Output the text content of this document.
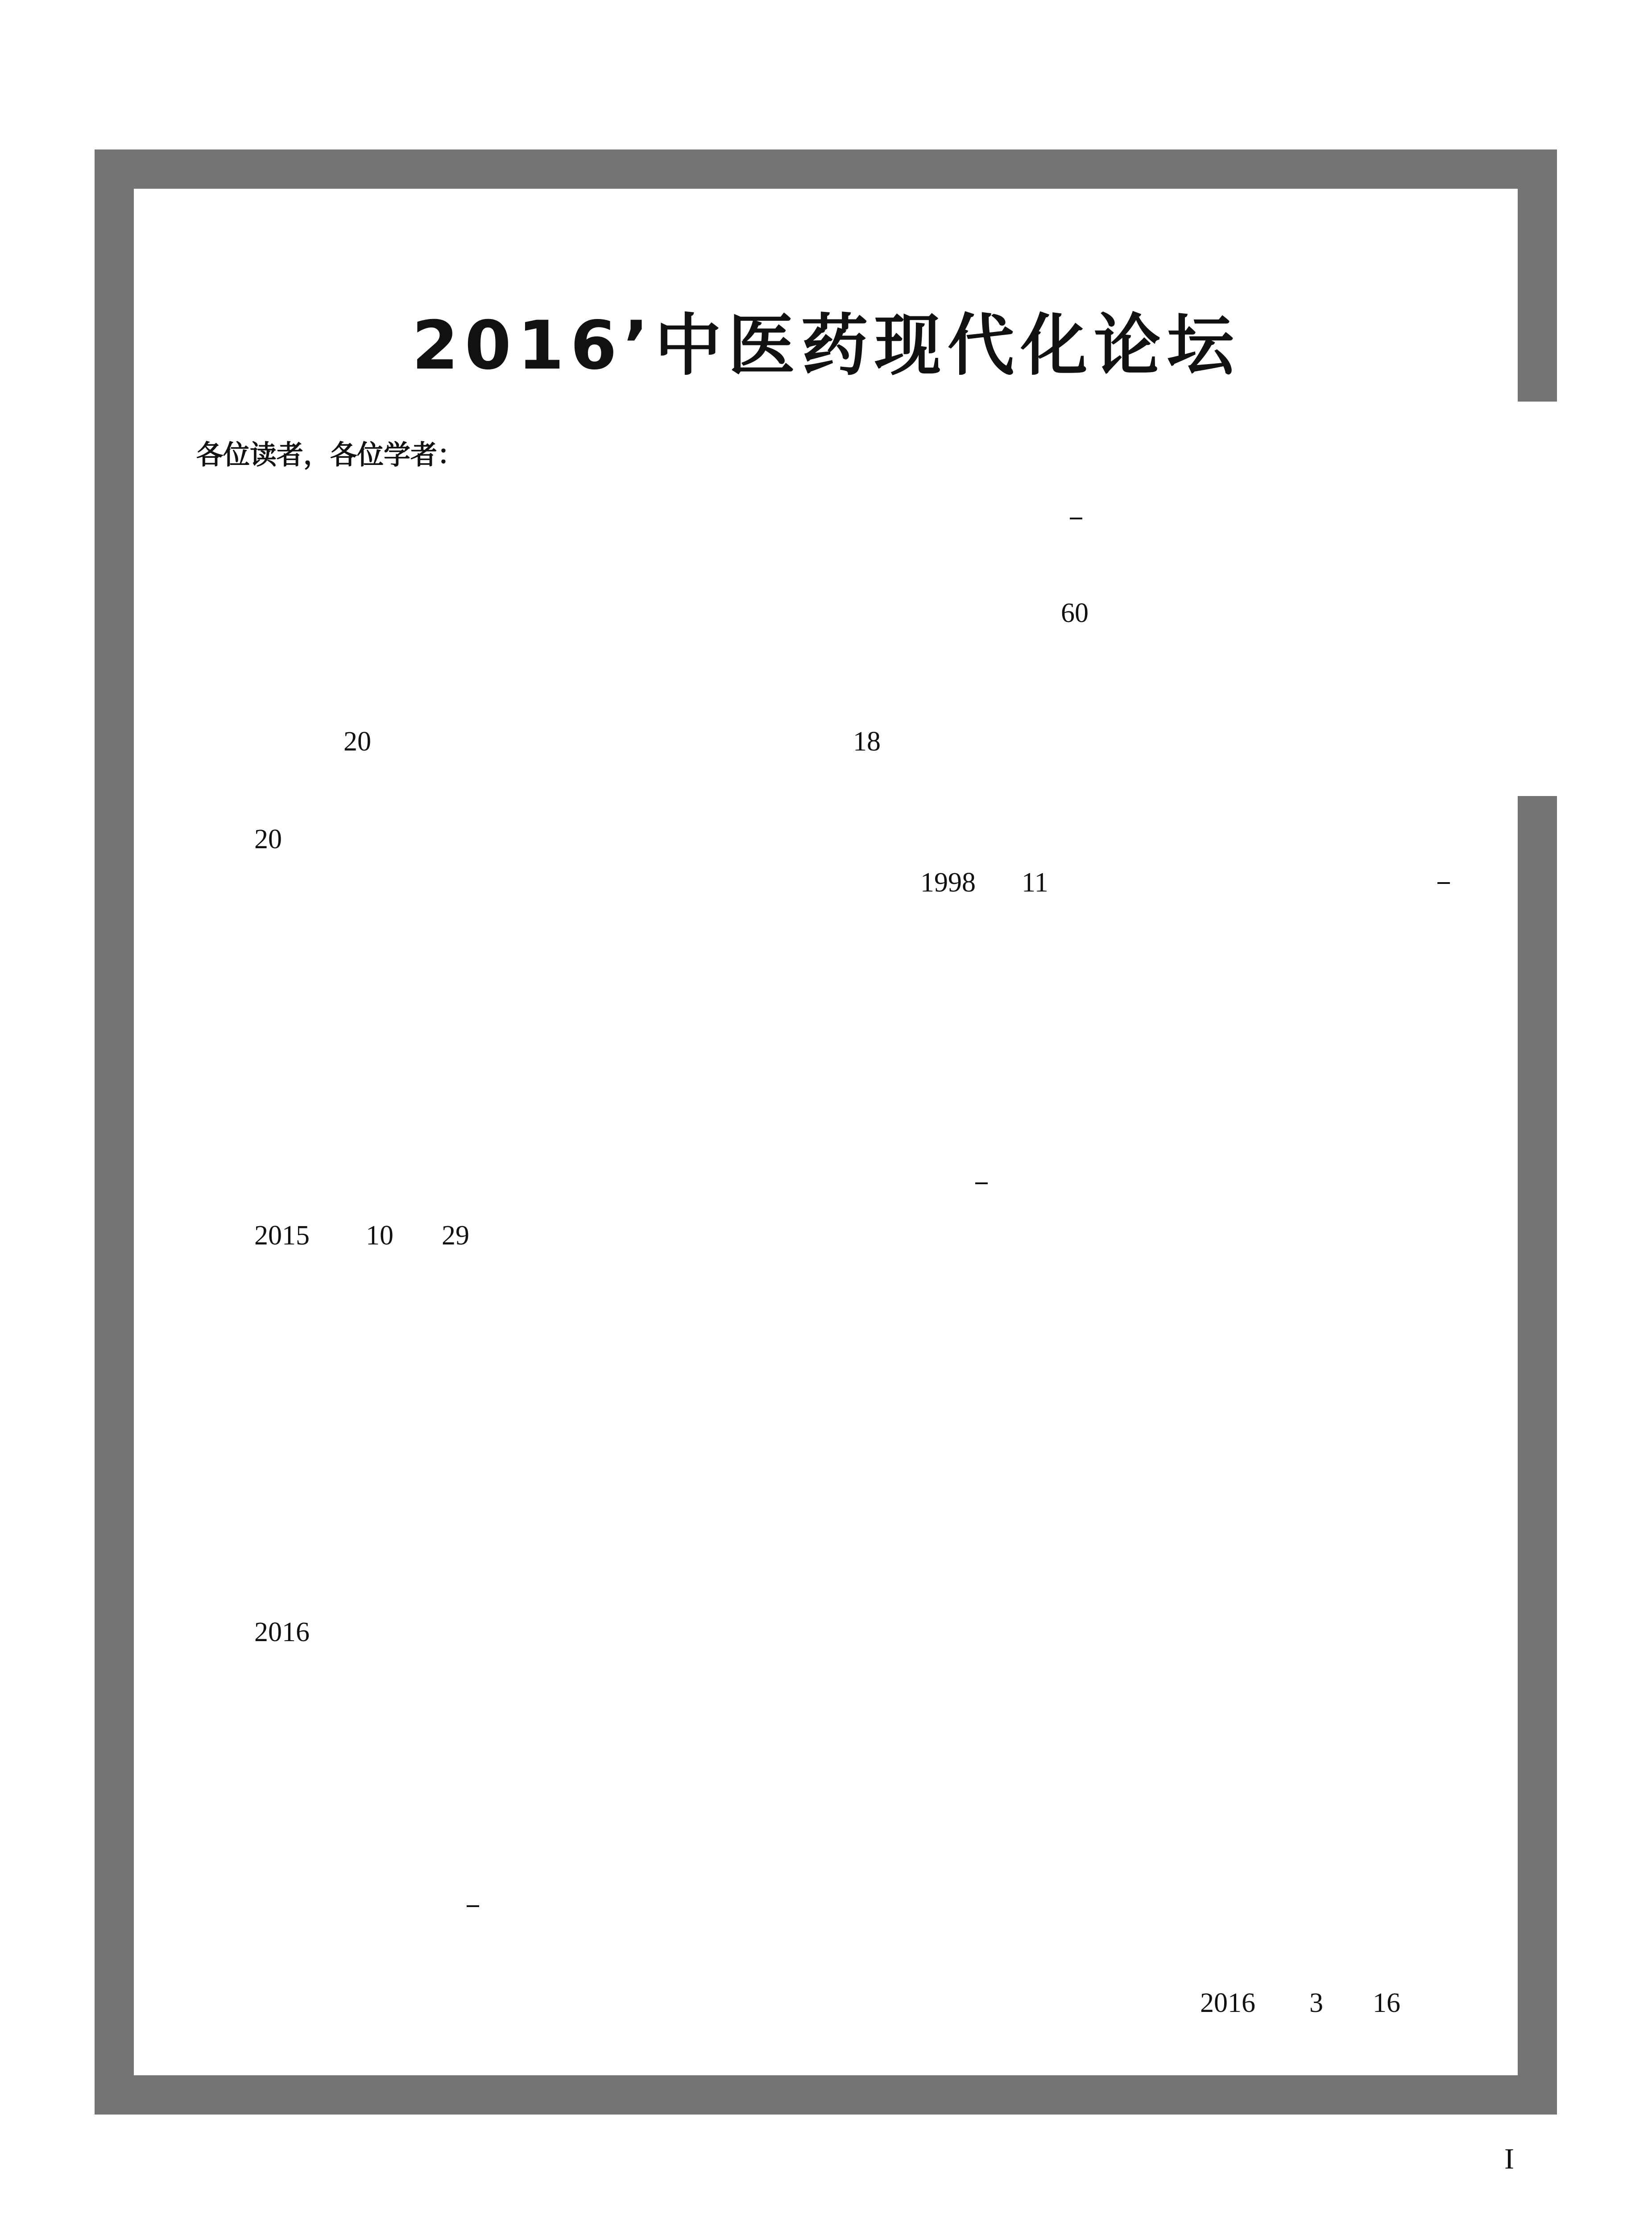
2016’中医药现代化论坛
各位读者，各位学者：
60
20	18
20
1998 11
2015 10 29
2016
2016 3 16
I
